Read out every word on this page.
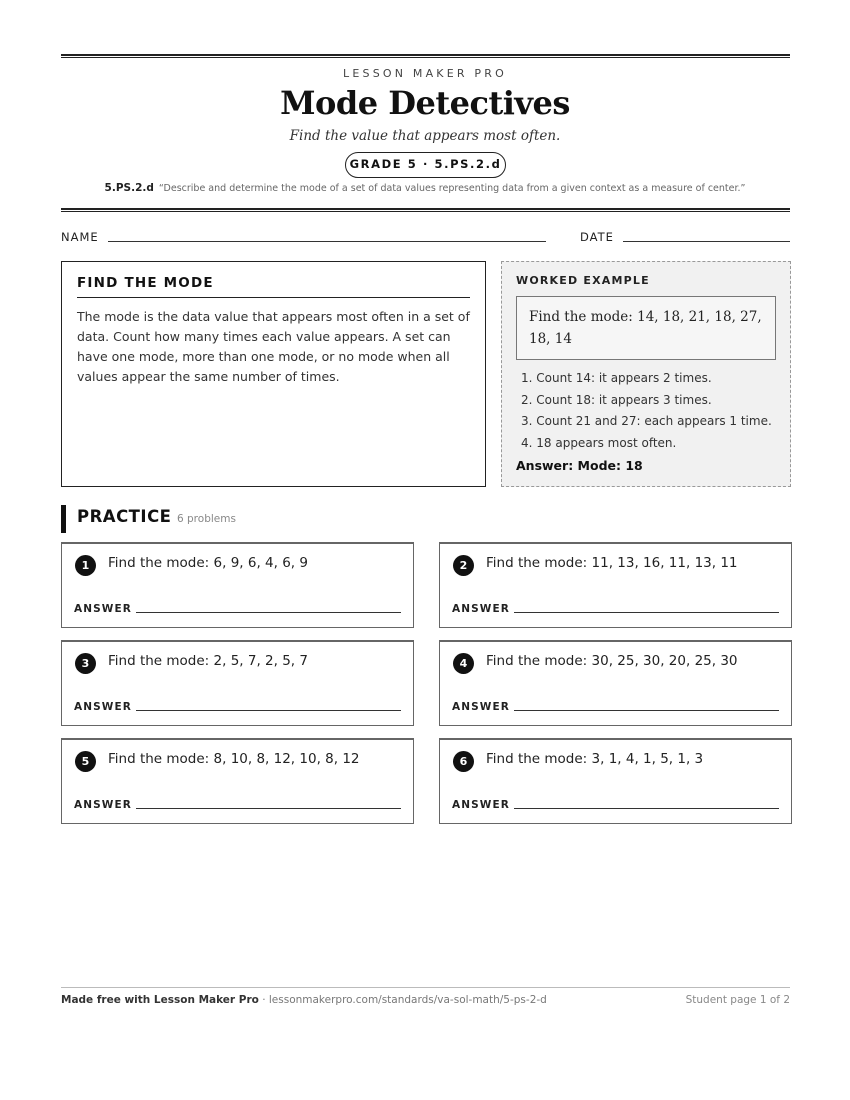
LESSON MAKER PRO
Mode Detectives
Find the value that appears most often.
GRADE 5 · 5.PS.2.d
5.PS.2.d “Describe and determine the mode of a set of data values representing data from a given context as a measure of center.”
NAME	DATE
FIND THE MODE

The mode is the data value that appears most often in a set of data. Count how many times each value appears. A set can have one mode, more than one mode, or no mode when all values appear the same number of times.

WORKED EXAMPLE
Find the mode: 14, 18, 21, 18, 27, 18, 14
1. Count 14: it appears 2 times.
2. Count 18: it appears 3 times.
3. Count 21 and 27: each appears 1 time.
4. 18 appears most often.
Answer: Mode: 18
PRACTICE 6 problems
1	Find the mode: 6, 9, 6, 4, 6, 9
ANSWER
2	Find the mode: 11, 13, 16, 11, 13, 11
ANSWER
3	Find the mode: 2, 5, 7, 2, 5, 7
ANSWER
4	Find the mode: 30, 25, 30, 20, 25, 30
ANSWER
5	Find the mode: 8, 10, 8, 12, 10, 8, 12
ANSWER
6	Find the mode: 3, 1, 4, 1, 5, 1, 3
ANSWER
Made free with Lesson Maker Pro · lessonmakerpro.com/standards/va-sol-math/5-ps-2-d	Student page 1 of 2
